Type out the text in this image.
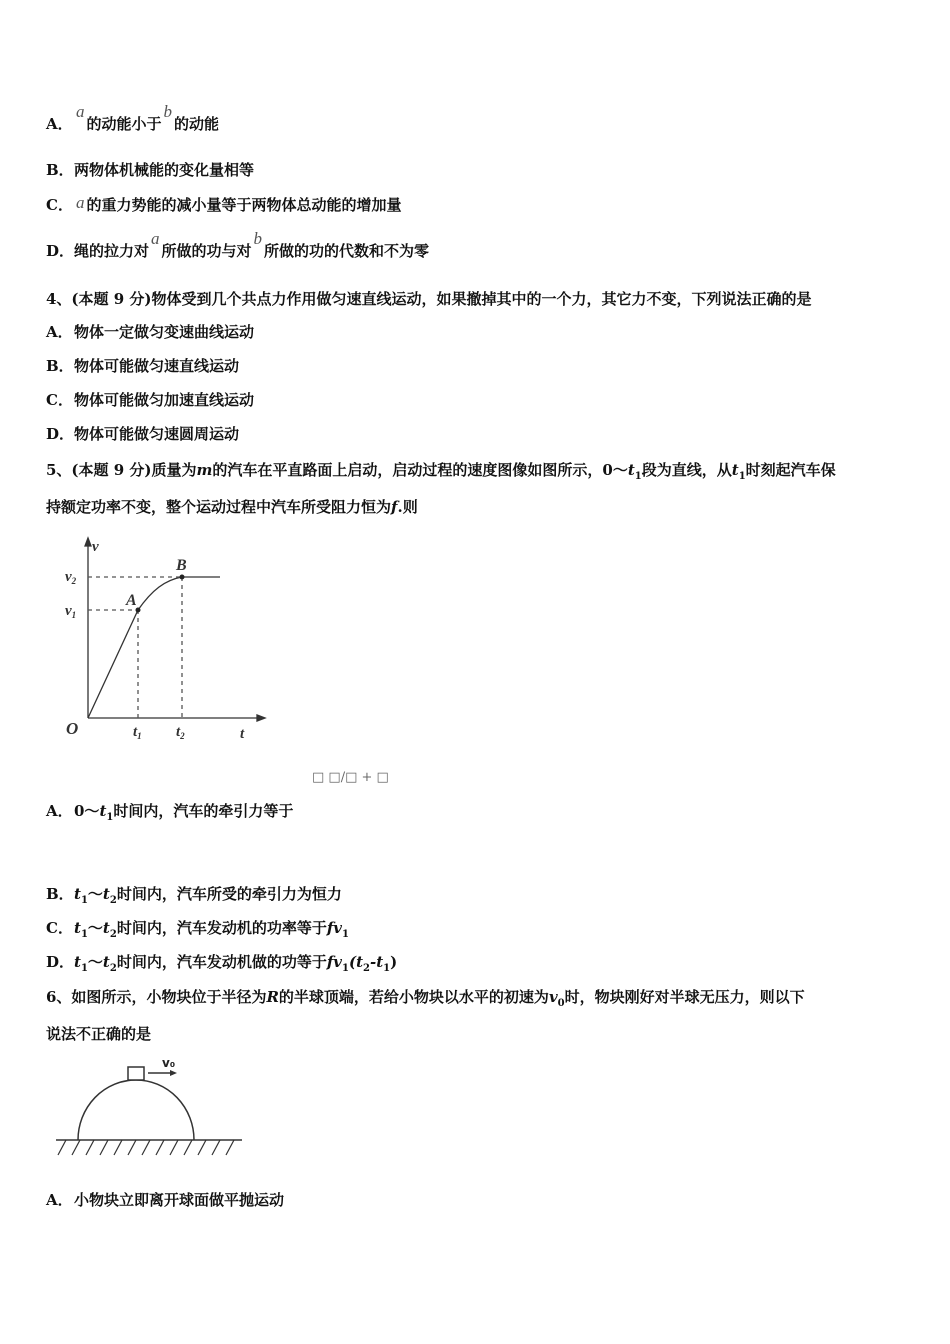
A．a的动能小于b的动能
B．两物体机械能的变化量相等
C． a 的重力势能的减小量等于两物体总动能的增加量
D．绳的拉力对a所做的功与对b所做的功的代数和不为零
4、(本题 9 分)物体受到几个共点力作用做匀速直线运动，如果撤掉其中的一个力，其它力不变，下列说法正确的是
A．物体一定做匀变速曲线运动
B．物体可能做匀速直线运动
C．物体可能做匀加速直线运动
D．物体可能做匀速圆周运动
5、(本题 9 分)质量为m的汽车在平直路面上启动，启动过程的速度图像如图所示，$0\sim t_1$段为直线，从$t_1$时刻起汽车保
持额定功率不变，整个运动过程中汽车所受阻力恒为f.则
v
t
O
A
B
$v_1$
$v_2$
$t_1$ $t_2$
A．$0\sim t_1$时间内，汽车的牵引力等于
□ □/□ + □
B．$t_1\sim t_2$时间内，汽车所受的牵引力为恒力
C．$t_1\sim t_2$时间内，汽车发动机的功率等于$fv_1$
D．$t_1\sim t_2$时间内，汽车发动机做的功等于$fv_1(t_2-t_1)$
6、如图所示，小物块位于半径为R的半球顶端，若给小物块以水平的初速为$v_0$时，物块刚好对半球无压力，则以下
说法不正确的是
v₀
A．小物块立即离开球面做平抛运动
